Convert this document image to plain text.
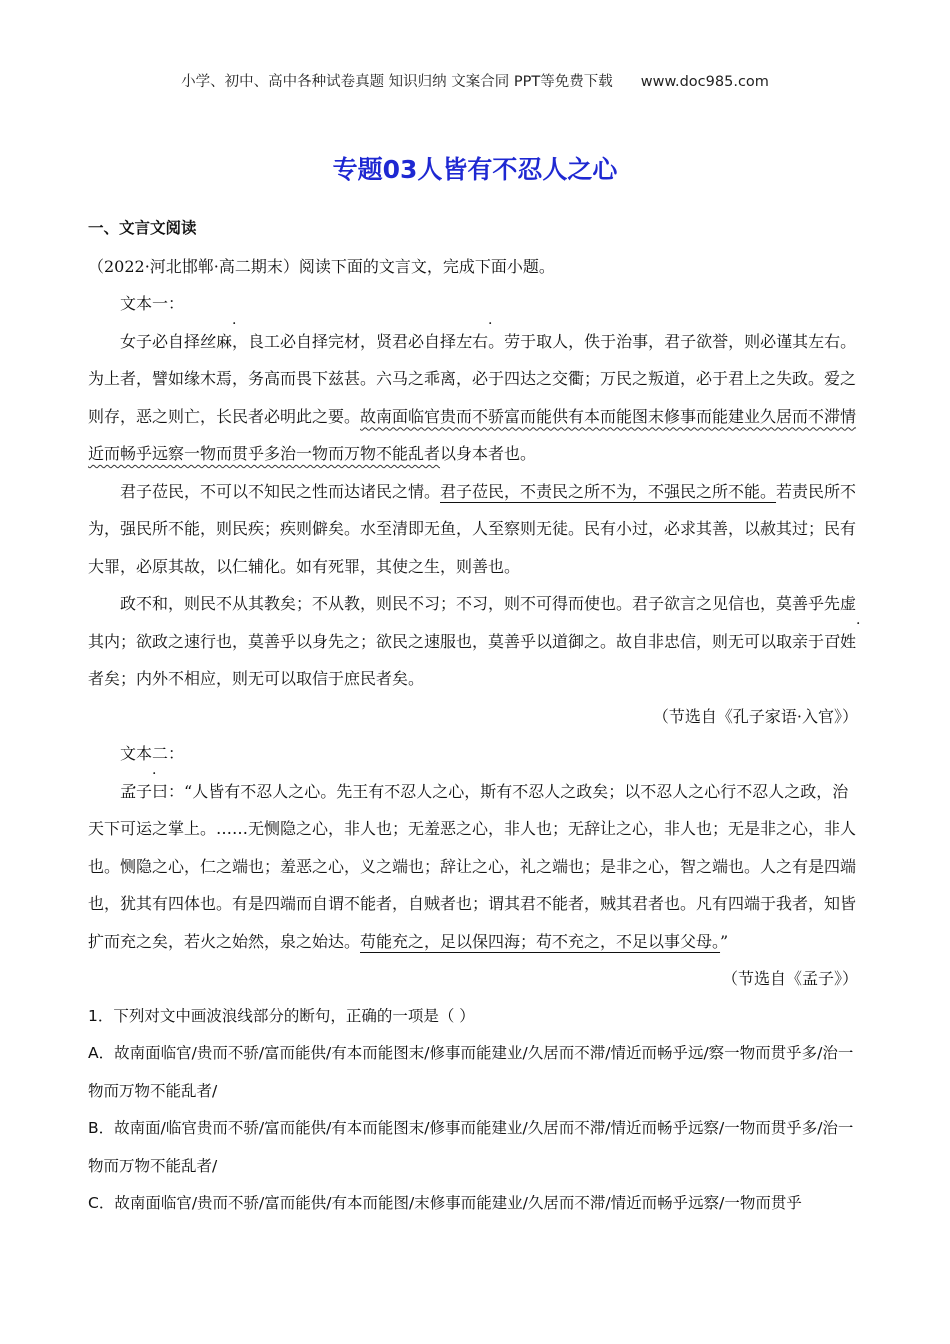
小学、初中、高中各种试卷真题 知识归纳 文案合同 PPT等免费下载 www.doc985.com
专题03人皆有不忍人之心

一、文言文阅读

（2022·河北邯郸·高二期末）阅读下面的文言文，完成下面小题。

文本一：

女子必自择· · 丝麻，良工必自择完材，贤君必自择· · 左右。劳于取人，佚于治事，君子欲誉，则必谨其左右。为上者，譬如缘木焉，务高而畏下兹甚。六马之乖离，必于四达之交衢；万民之叛道，必于君上之失政。爱之则存，恶之则亡，长民者必明此之要。故南面临官贵而不骄富而能供有本而能图末修事而能建业久居而不滞情近而畅乎远察一物而贯乎多治一物而万物不能乱者以身本者也。

君子莅民，不可以不知民之性而达诸民之情。君子莅民，不责民之所不为，不强民之所不能。若责民所不为，强民所不能，则民疾；疾则僻矣。水至清即无鱼，人至察则无徒。民有小过，必求其善，以赦其过；民有大罪，必原其故，以仁辅化。如有死罪，其使之生，则善也。

政不和，则民不从其教矣；不从教，则民不习；不习，则不可得而使也。君子欲言之见信也，莫善乎先虚其内；欲政之速行也，莫善乎以身先之；欲民之速服也，莫善乎以道御之。故自非忠信，则无可以取亲于· · 百姓者矣；内外不相应，则无可以取信于庶民者矣。

（节选自《孔子家语·入官》）

文本二：

· · 孟子曰：“人皆有不忍人之心。先王有不忍人之心，斯有不忍人之政矣；以不忍人之心行不忍人之政，治天下可运之掌上。……无恻隐之心，非人也；无羞恶之心，非人也；无辞让之心，非人也；无是非之心，非人也。恻隐之心，仁之端也；羞恶之心，义之端也；辞让之心，礼之端也；是非之心，智之端也。人之有是四端也，犹其有四体也。有是四端而自谓不能者，自贼者也；谓其君不能者，贼其君者也。凡有四端于我者，知皆扩而充之矣，若火之始然，泉之始达。苟能充之，足以保四海；苟不充之，不足以事父母。”

（节选自《孟子》）

1．下列对文中画波浪线部分的断句，正确的一项是（ ）

A．故南面临官/贵而不骄/富而能供/有本而能图末/修事而能建业/久居而不滞/情近而畅乎远/察一物而贯乎多/治一物而万物不能乱者/

B．故南面/临官贵而不骄/富而能供/有本而能图末/修事而能建业/久居而不滞/情近而畅乎远察/一物而贯乎多/治一物而万物不能乱者/

C．故南面临官/贵而不骄/富而能供/有本而能图/末修事而能建业/久居而不滞/情近而畅乎远察/一物而贯乎
